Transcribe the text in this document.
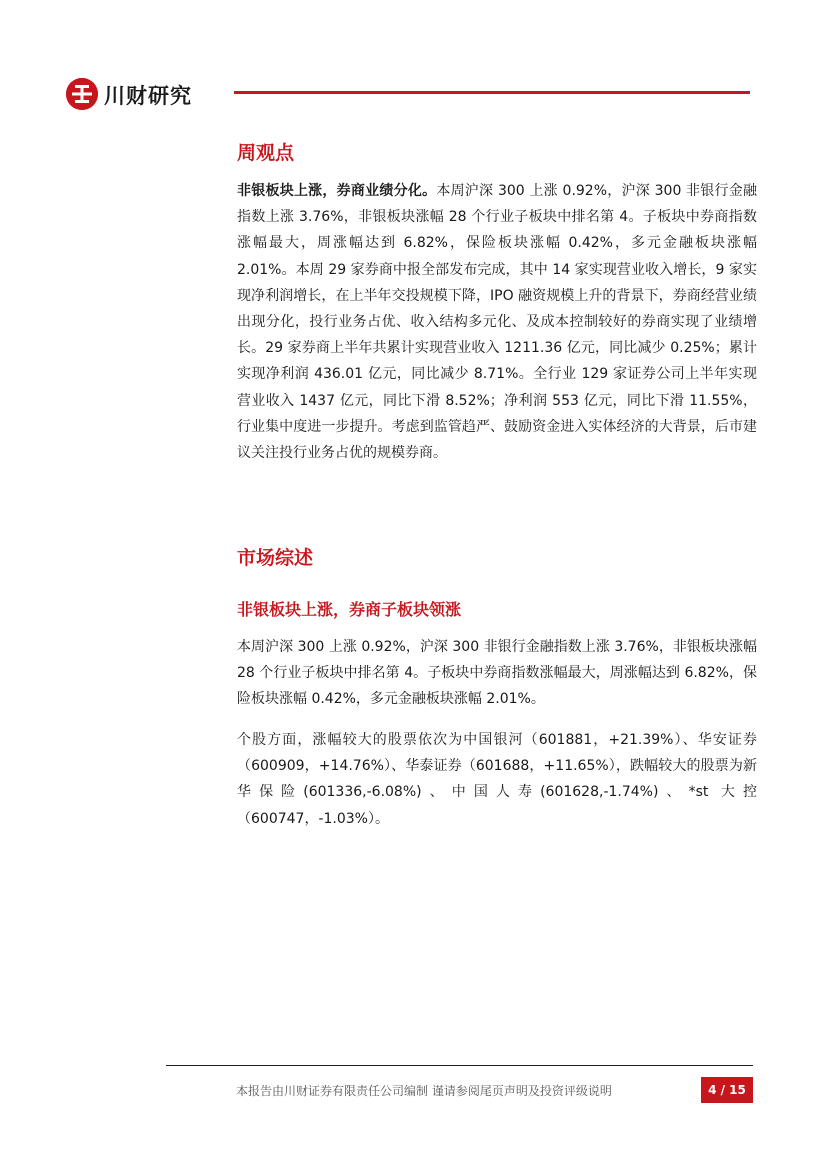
川财研究
周观点
非银板块上涨，券商业绩分化。本周沪深 300 上涨 0.92%，沪深 300 非银行金融指数上涨 3.76%，非银板块涨幅 28 个行业子板块中排名第 4。子板块中券商指数涨幅最大，周涨幅达到 6.82%，保险板块涨幅 0.42%，多元金融板块涨幅 2.01%。本周 29 家券商中报全部发布完成，其中 14 家实现营业收入增长，9 家实现净利润增长，在上半年交投规模下降，IPO 融资规模上升的背景下，券商经营业绩出现分化，投行业务占优、收入结构多元化、及成本控制较好的券商实现了业绩增长。29 家券商上半年共累计实现营业收入 1211.36 亿元，同比减少 0.25%；累计实现净利润 436.01 亿元，同比减少 8.71%。全行业 129 家证券公司上半年实现营业收入 1437 亿元，同比下滑 8.52%；净利润 553 亿元，同比下滑 11.55%，行业集中度进一步提升。考虑到监管趋严、鼓励资金进入实体经济的大背景，后市建议关注投行业务占优的规模券商。
市场综述
非银板块上涨，券商子板块领涨
本周沪深 300 上涨 0.92%，沪深 300 非银行金融指数上涨 3.76%，非银板块涨幅 28 个行业子板块中排名第 4。子板块中券商指数涨幅最大，周涨幅达到 6.82%，保险板块涨幅 0.42%，多元金融板块涨幅 2.01%。
个股方面，涨幅较大的股票依次为中国银河（601881，+21.39%）、华安证券（600909，+14.76%）、华泰证券（601688，+11.65%），跌幅较大的股票为新华保险(601336,-6.08%)、中国人寿(601628,-1.74%)、*st 大控（600747，-1.03%）。
本报告由川财证券有限责任公司编制 谨请参阅尾页声明及投资评级说明	4 / 15
